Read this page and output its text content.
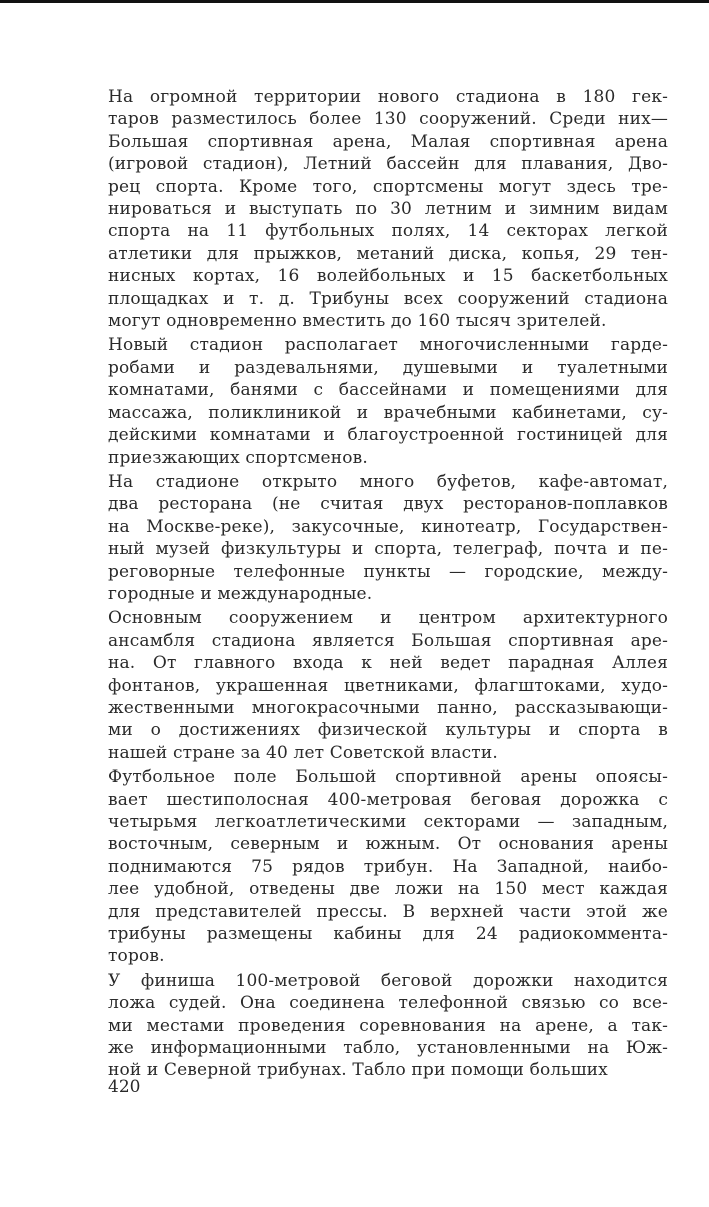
На огромной территории нового стадиона в 180 гек-
таров разместилось более 130 сооружений. Среди них—
Большая спортивная арена, Малая спортивная арена
(игровой стадион), Летний бассейн для плавания, Дво-
рец спорта. Кроме того, спортсмены могут здесь тре-
нироваться и выступать по 30 летним и зимним видам
спорта на 11 футбольных полях, 14 секторах легкой
атлетики для прыжков, метаний диска, копья, 29 тен-
нисных кортах, 16 волейбольных и 15 баскетбольных
площадках и т. д. Трибуны всех сооружений стадиона
могут одновременно вместить до 160 тысяч зрителей.
Новый стадион располагает многочисленными гарде-
робами и раздевальнями, душевыми и туалетными
комнатами, банями с бассейнами и помещениями для
массажа, поликлиникой и врачебными кабинетами, су-
дейскими комнатами и благоустроенной гостиницей для
приезжающих спортсменов.
На стадионе открыто много буфетов, кафе-автомат,
два ресторана (не считая двух ресторанов-поплавков
на Москве-реке), закусочные, кинотеатр, Государствен-
ный музей физкультуры и спорта, телеграф, почта и пе-
реговорные телефонные пункты — городские, между-
городные и международные.
Основным сооружением и центром архитектурного
ансамбля стадиона является Большая спортивная аре-
на. От главного входа к ней ведет парадная Аллея
фонтанов, украшенная цветниками, флагштоками, худо-
жественными многокрасочными панно, рассказывающи-
ми о достижениях физической культуры и спорта в
нашей стране за 40 лет Советской власти.
Футбольное поле Большой спортивной арены опоясы-
вает шестиполосная 400-метровая беговая дорожка с
четырьмя легкоатлетическими секторами — западным,
восточным, северным и южным. От основания арены
поднимаются 75 рядов трибун. На Западной, наибо-
лее удобной, отведены две ложи на 150 мест каждая
для представителей прессы. В верхней части этой же
трибуны размещены кабины для 24 радиокоммента-
торов.
У финиша 100-метровой беговой дорожки находится
ложа судей. Она соединена телефонной связью со все-
ми местами проведения соревнования на арене, а так-
же информационными табло, установленными на Юж-
ной и Северной трибунах. Табло при помощи больших
420
